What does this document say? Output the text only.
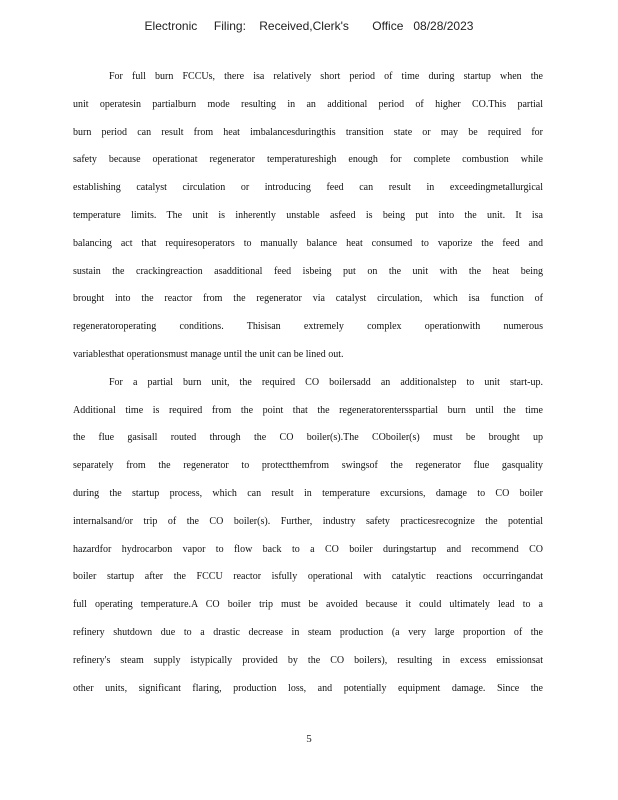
Electronic     Filing:    Received,Clerk's       Office   08/28/2023
For full burn FCCUs, there isa relatively short period of time during startup when the
unit operatesin partialburn mode resulting in an additional period of higher CO.This partial
burn period can result from heat imbalancesduringthis transition state or may be required for
safety because operationat regenerator temperatureshigh enough for complete combustion while
establishing catalyst circulation or introducing feed can result in exceedingmetallurgical
temperature limits. The unit is inherently unstable asfeed is being put into the unit. It isa
balancing act that requiresoperators to manually balance heat consumed to vaporize the feed and
sustain the crackingreaction asadditional feed isbeing put on the unit with the heat being
brought into the reactor from the regenerator via catalyst circulation, which isa function of
regeneratoroperating conditions. Thisisan extremely complex operationwith numerous
variablesthat operationsmust manage until the unit can be lined out.
For a partial burn unit, the required CO boilersadd an additionalstep to unit start-up.
Additional time is required from the point that the regeneratorentersspartial burn until the time
the flue gasisall routed through the CO boiler(s).The COboiler(s) must be brought up
separately from the regenerator to protectthemfrom swingsof the regenerator flue gasquality
during the startup process, which can result in temperature excursions, damage to CO boiler
internalsand/or trip of the CO boiler(s). Further, industry safety practicesrecognize the potential
hazardfor hydrocarbon vapor to flow back to a CO boiler duringstartup and recommend CO
boiler startup after the FCCU reactor isfully operational with catalytic reactions occurringandat
full operating temperature.A CO boiler trip must be avoided because it could ultimately lead to a
refinery shutdown due to a drastic decrease in steam production (a very large proportion of the
refinery's steam supply istypically provided by the CO boilers), resulting in excess emissionsat
other units, significant flaring, production loss, and potentially equipment damage. Since the
5
